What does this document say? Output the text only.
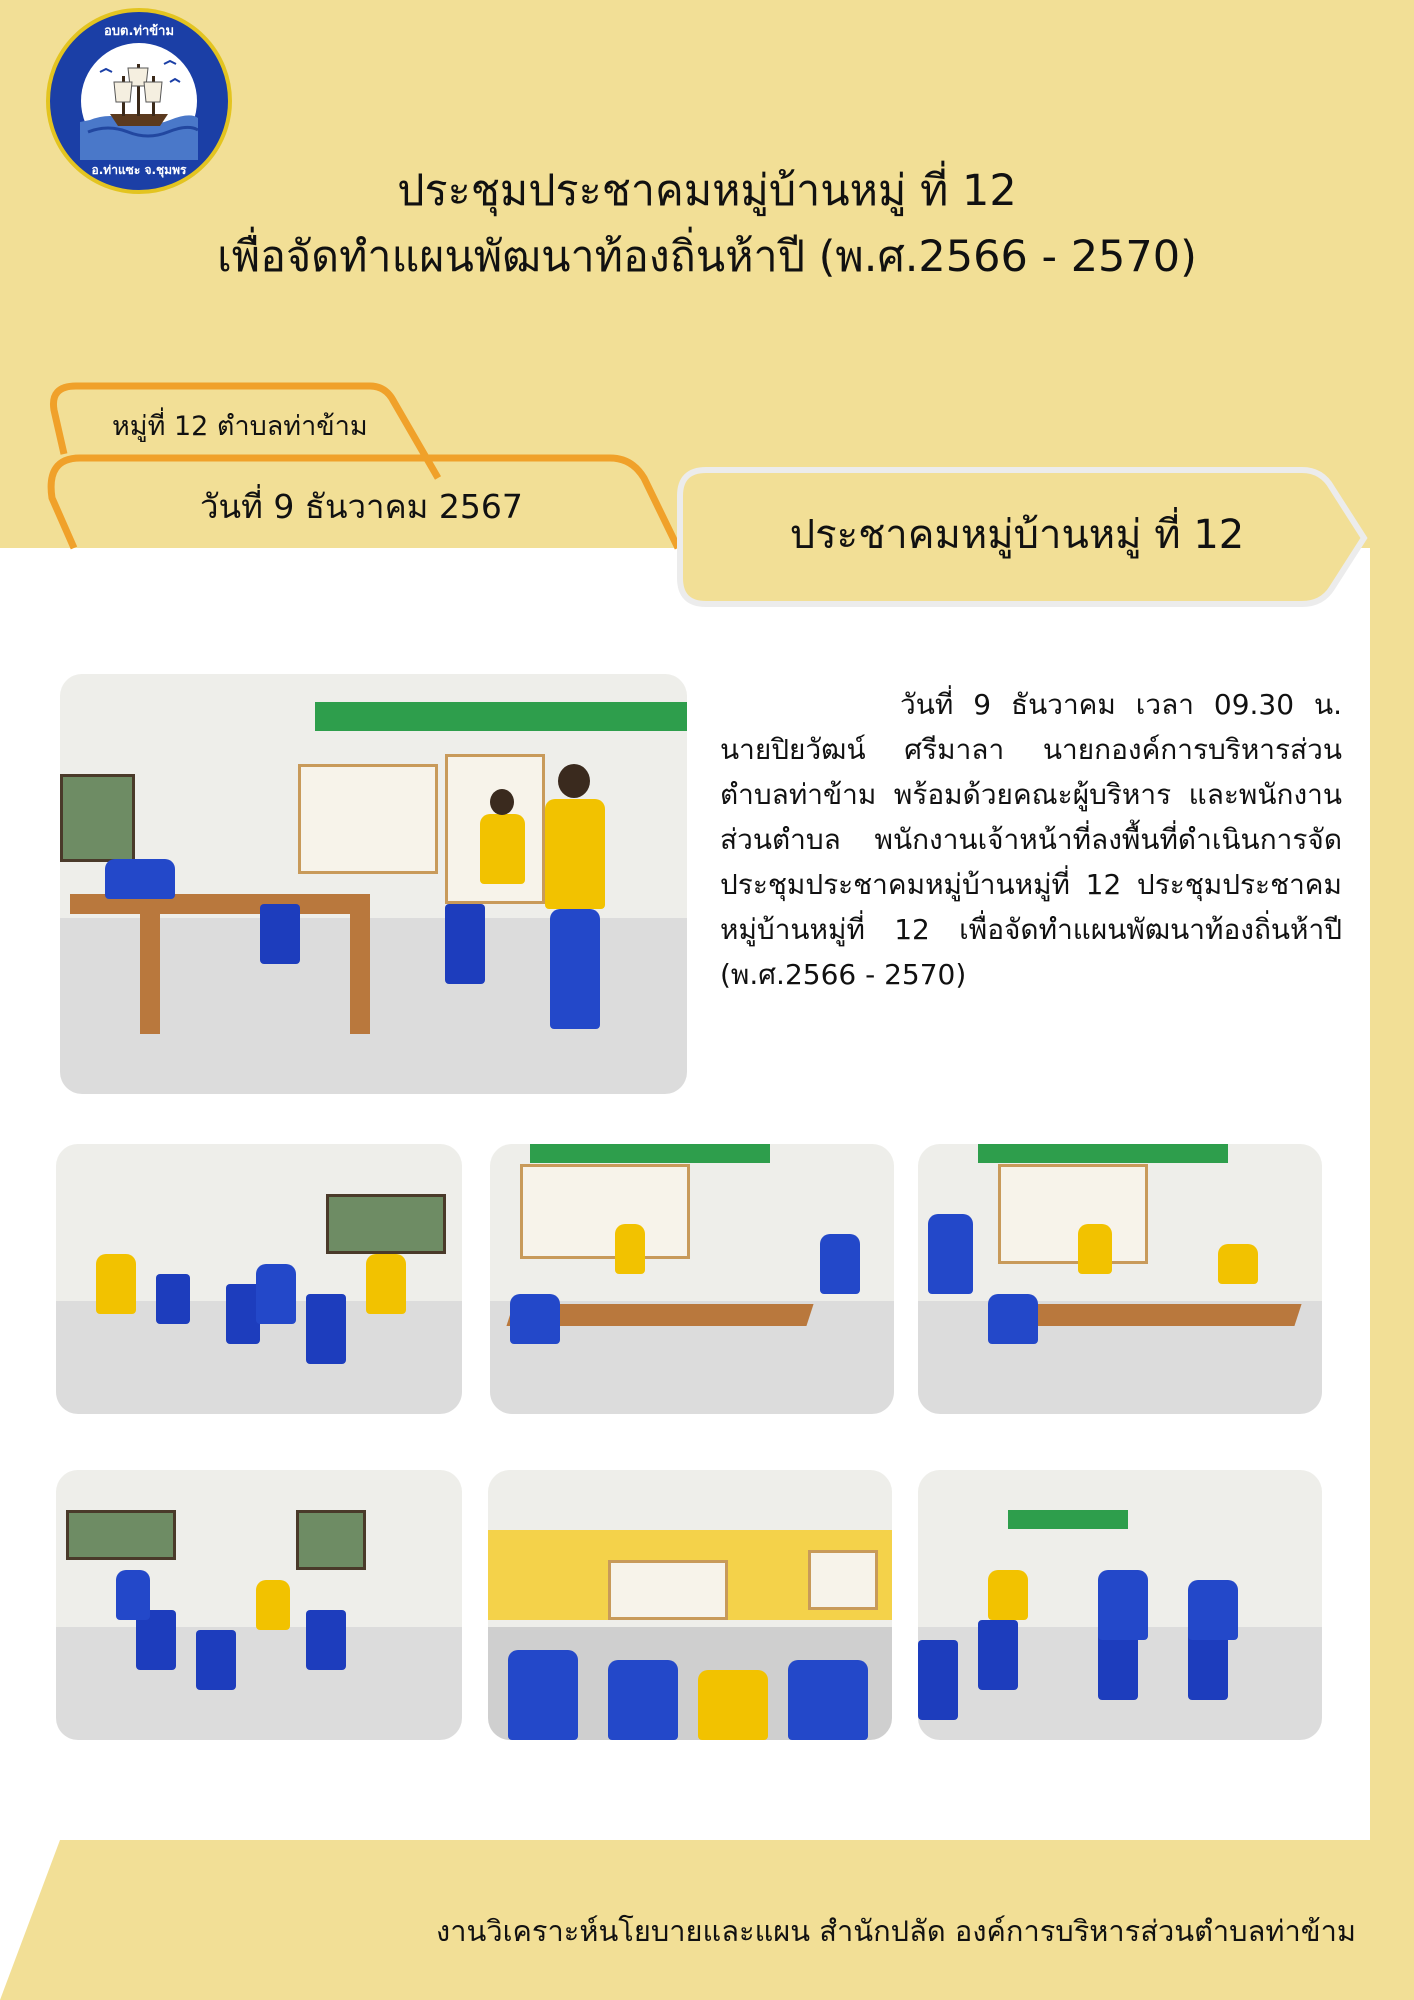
อบต.ท่าข้าม
อ.ท่าแซะ จ.ชุมพร	ประชุมประชาคมหมู่บ้านหมู่ ที่ 12
เพื่อจัดทำแผนพัฒนาท้องถิ่นห้าปี (พ.ศ.2566 - 2570)
หมู่ที่ 12 ตำบลท่าข้าม
วันที่ 9 ธันวาคม 2567
ประชาคมหมู่บ้านหมู่ ที่ 12
วันที่ 9 ธันวาคม เวลา 09.30 น.
นายปิยวัฒน์ ศรีมาลา นายกองค์การบริหารส่วน
ตำบลท่าข้าม พร้อมด้วยคณะผู้บริหาร และพนักงาน
ส่วนตำบล พนักงานเจ้าหน้าที่ลงพื้นที่ดำเนินการจัด
ประชุมประชาคมหมู่บ้านหมู่ที่ 12 ประชุมประชาคม
หมู่บ้านหมู่ที่ 12 เพื่อจัดทำแผนพัฒนาท้องถิ่นห้าปี
(พ.ศ.2566 - 2570)
งานวิเคราะห์นโยบายและแผน สำนักปลัด องค์การบริหารส่วนตำบลท่าข้าม
